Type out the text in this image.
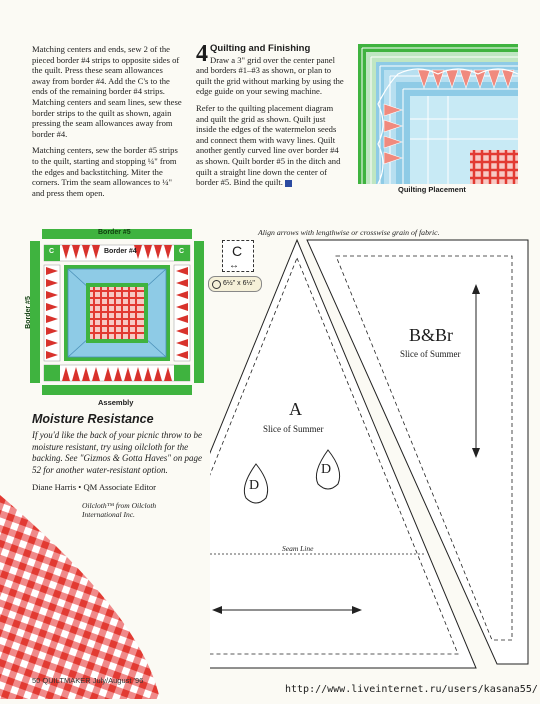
Matching centers and ends, sew 2 of the pieced border #4 strips to opposite sides of the quilt. Press these seam allowances away from border #4. Add the C's to the ends of the remaining border #4 strips. Matching centers and seam lines, sew these border strips to the quilt as shown, again pressing the seam allowances away from border #4.

Matching centers, sew the border #5 strips to the quilt, starting and stopping ¼" from the edges and backstitching. Miter the corners. Trim the seam allowances to ¼" and press them open.

4 Quilting and Finishing

Draw a 3" grid over the center panel and borders #1–#3 as shown, or plan to quilt the grid without marking by using the edge guide on your sewing machine.

Refer to the quilting placement diagram and quilt the grid as shown. Quilt just inside the edges of the watermelon seeds and connect them with wavy lines. Quilt another gently curved line over border #4 as shown. Quilt border #5 in the ditch and quilt a straight line down the center of border #5. Bind the quilt.

Quilting Placement
Border #5
Border #4
C	C
Border #5
Assembly
Moisture Resistance

If you'd like the back of your picnic throw to be moisture resistant, try using oilcloth for the backing. See "Gizmos & Gotta Haves" on page 52 for another water-resistant option.

Diane Harris • QM Associate Editor
Oilcloth™ from Oilcloth International Inc.
Align arrows with lengthwise or crosswise grain of fabric.
C
↔
6½" x 6½"
A
Slice of Summer
B&Br
Slice of Summer
D
D
Seam Line
50 QUILTMAKER July/August '96
http://www.liveinternet.ru/users/kasana55/
